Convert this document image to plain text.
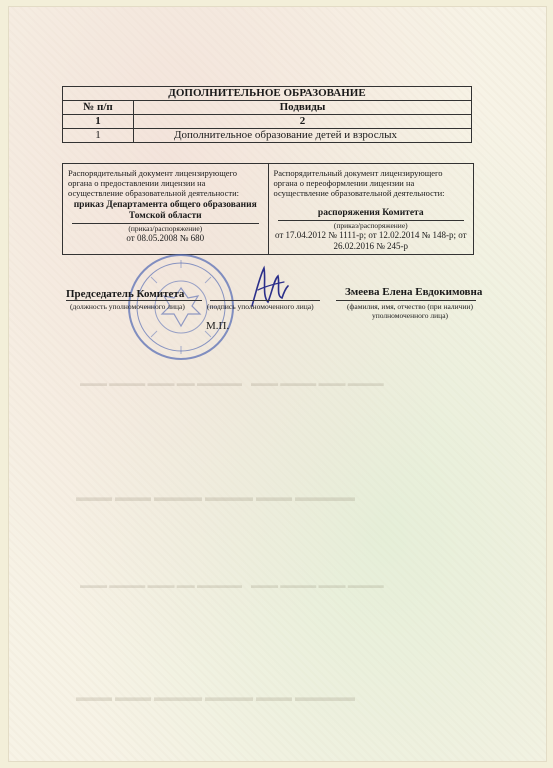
▬▬▬ ▬▬▬ ▬▬▬▬ ▬▬▬▬ ▬▬▬ ▬▬▬▬▬
▬▬▬ ▬▬▬▬ ▬▬▬ ▬▬ ▬▬▬▬▬    ▬▬▬ ▬▬▬▬ ▬▬▬ ▬▬▬▬
▬▬▬ ▬▬▬▬ ▬▬▬ ▬▬ ▬▬▬▬▬    ▬▬▬ ▬▬▬▬ ▬▬▬ ▬▬▬▬
▬▬▬ ▬▬▬ ▬▬▬▬ ▬▬▬▬ ▬▬▬ ▬▬▬▬▬
ДОПОЛНИТЕЛЬНОЕ ОБРАЗОВАНИЕ	
№ п/п	Подвиды
1	2
1	Дополнительное образование детей и взрослых
Распорядительный документ лицензирующего органа о предоставлении лицензии на осуществление образовательной деятельности:
приказ Департамента общего образования Томской области
(приказ/распоряжение)
от 08.05.2008 № 680
Распорядительный документ лицензирующего органа о переоформлении лицензии на осуществление образовательной деятельности:
распоряжения Комитета
(приказ/распоряжение)
от 17.04.2012 № 1111-р; от 12.02.2014 № 148-р; от 26.02.2016 № 245-р
Председатель Комитета
(должность уполномоченного лица)	(подпись уполномоченного лица)
Змеева Елена Евдокимовна
(фамилия, имя, отчество (при наличии) уполномоченного лица)
М.П.
